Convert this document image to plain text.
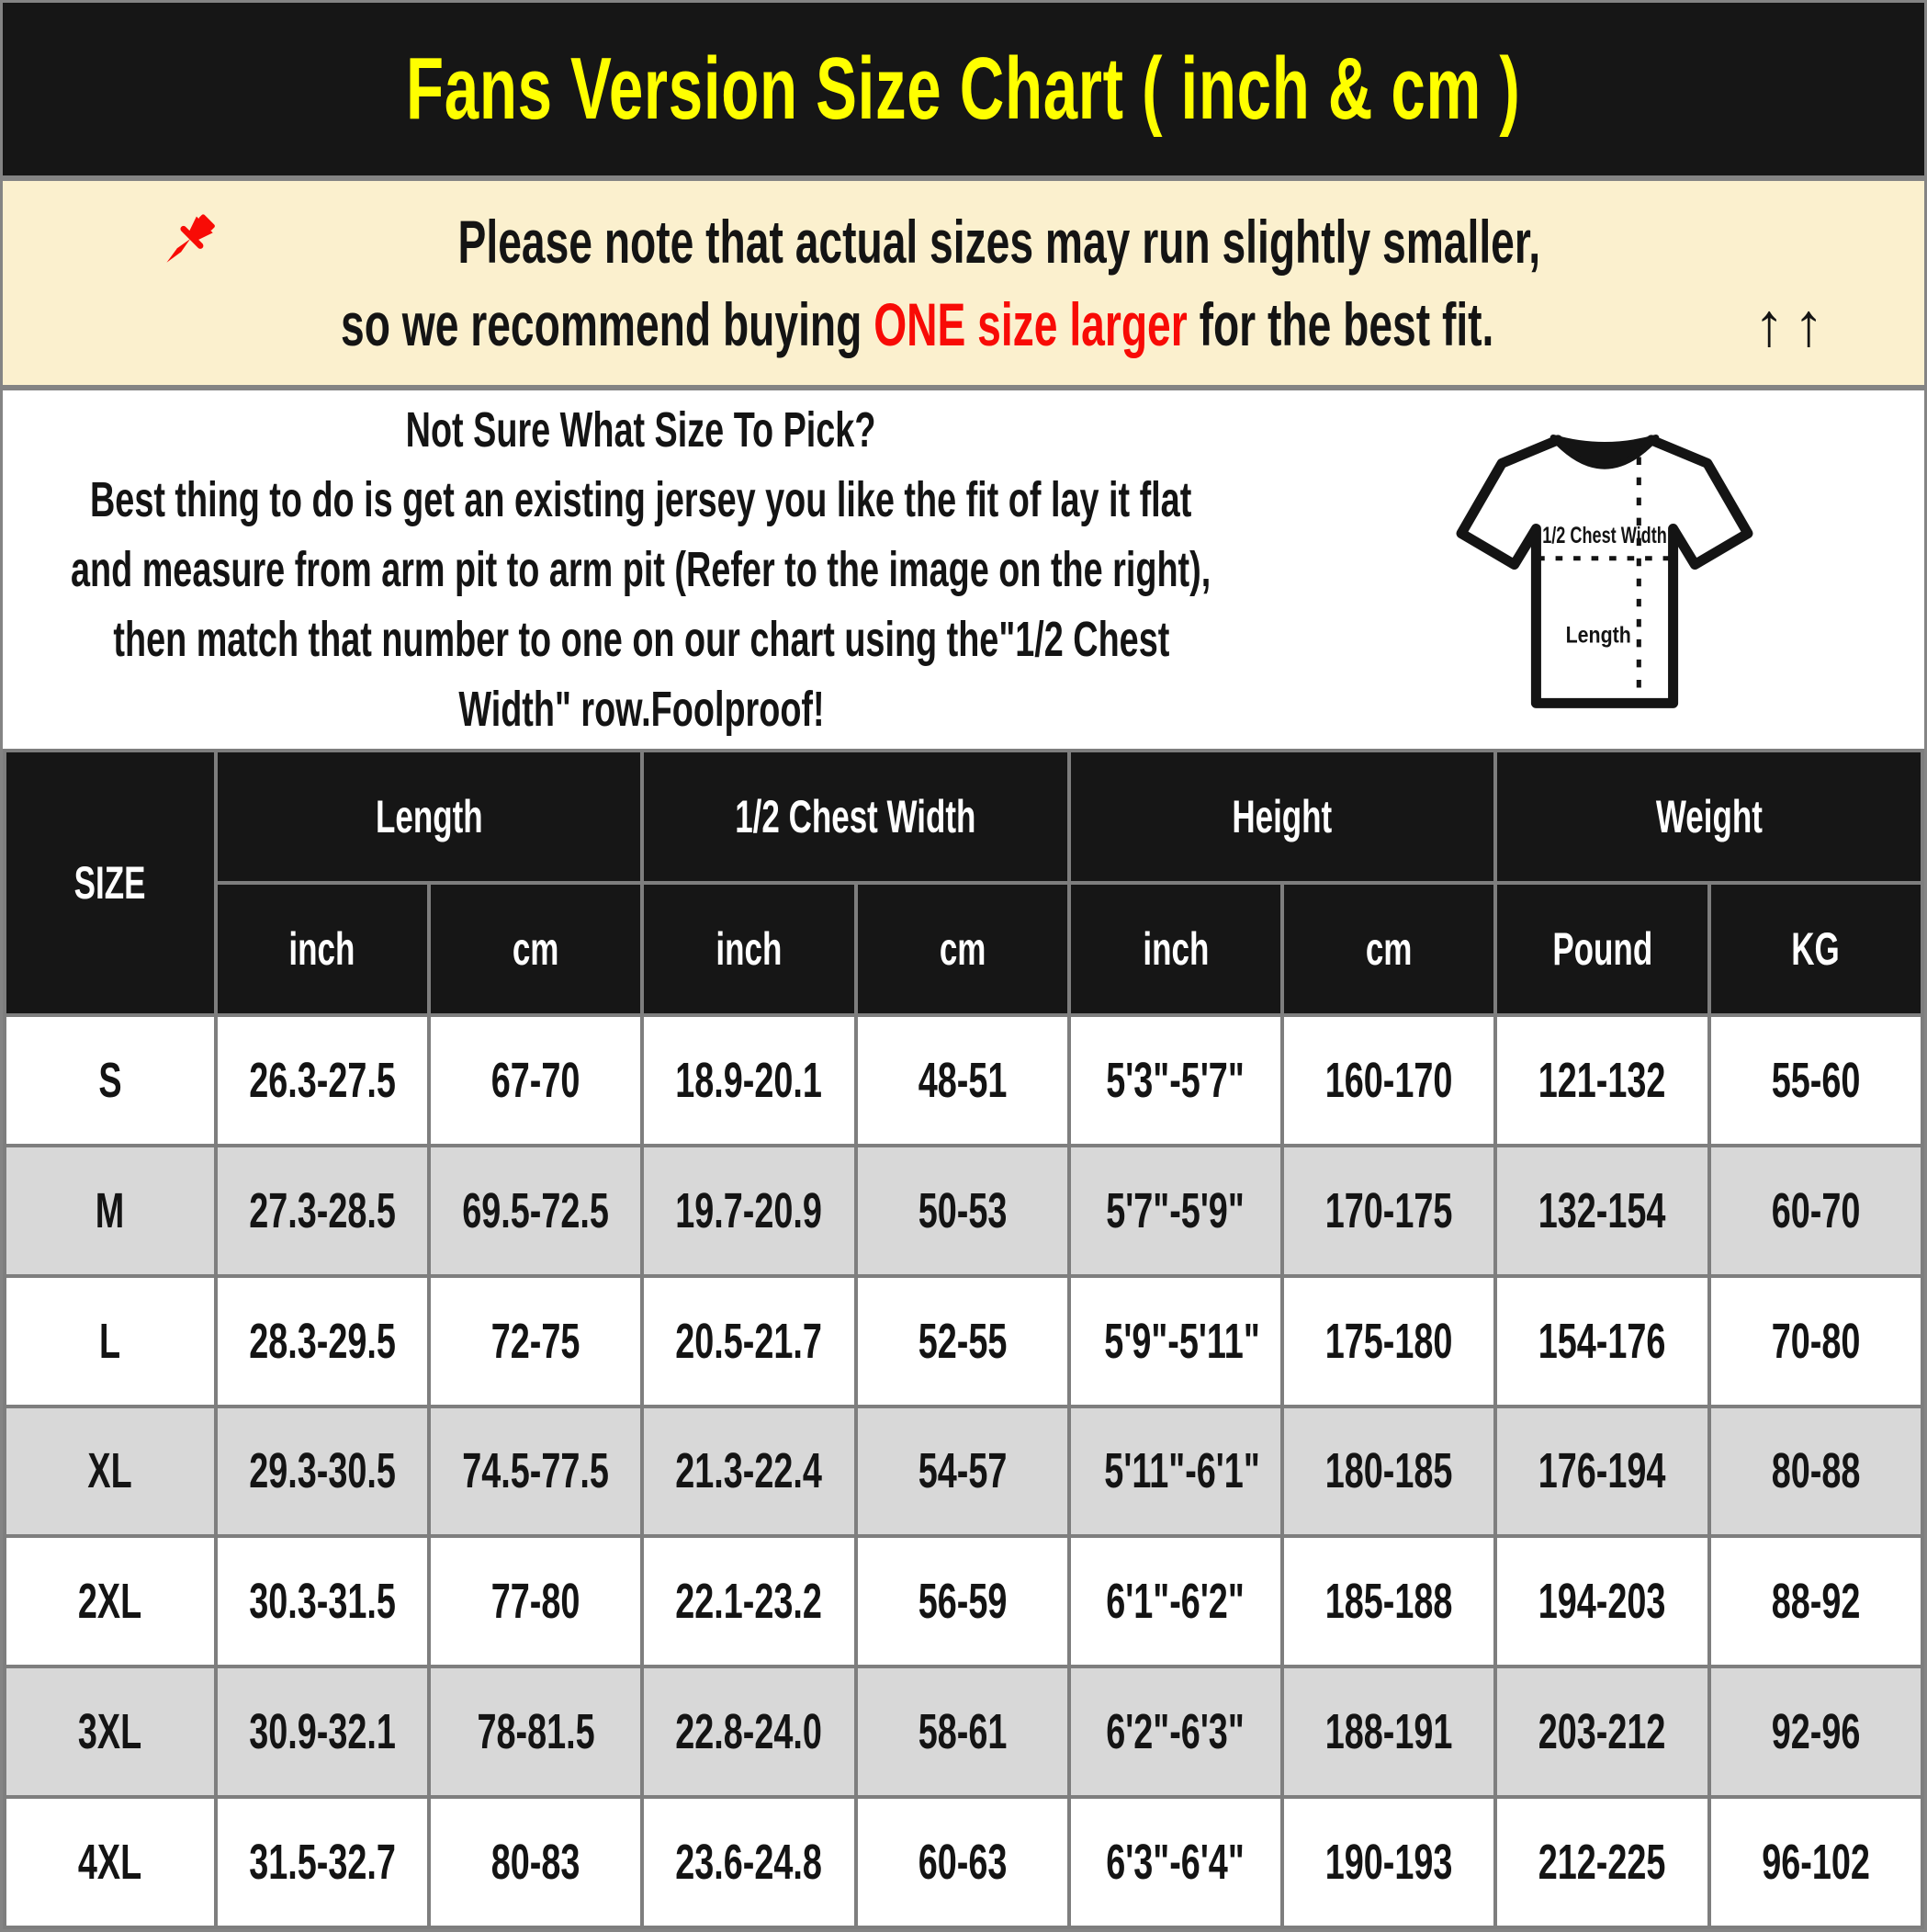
Fans Version Size Chart ( inch & cm )
Please note that actual sizes may run slightly smaller,
so we recommend buying ONE size larger for the best fit.	↑↑
Not Sure What Size To Pick?
Best thing to do is get an existing jersey you like the fit of lay it flat
and measure from arm pit to arm pit (Refer to the image on the right),
then match that number to one on our chart using the"1/2 Chest
Width" row.Foolproof!
1/2 Chest Width
Length
SIZE	Length		1/2 Chest Width		Height		Weight	
	inch	cm	inch	cm	inch	cm	Pound	KG
S	26.3-27.5	67-70	18.9-20.1	48-51	5'3"-5'7"	160-170	121-132	55-60
M	27.3-28.5	69.5-72.5	19.7-20.9	50-53	5'7"-5'9"	170-175	132-154	60-70
L	28.3-29.5	72-75	20.5-21.7	52-55	5'9"-5'11"	175-180	154-176	70-80
XL	29.3-30.5	74.5-77.5	21.3-22.4	54-57	5'11"-6'1"	180-185	176-194	80-88
2XL	30.3-31.5	77-80	22.1-23.2	56-59	6'1"-6'2"	185-188	194-203	88-92
3XL	30.9-32.1	78-81.5	22.8-24.0	58-61	6'2"-6'3"	188-191	203-212	92-96
4XL	31.5-32.7	80-83	23.6-24.8	60-63	6'3"-6'4"	190-193	212-225	96-102
